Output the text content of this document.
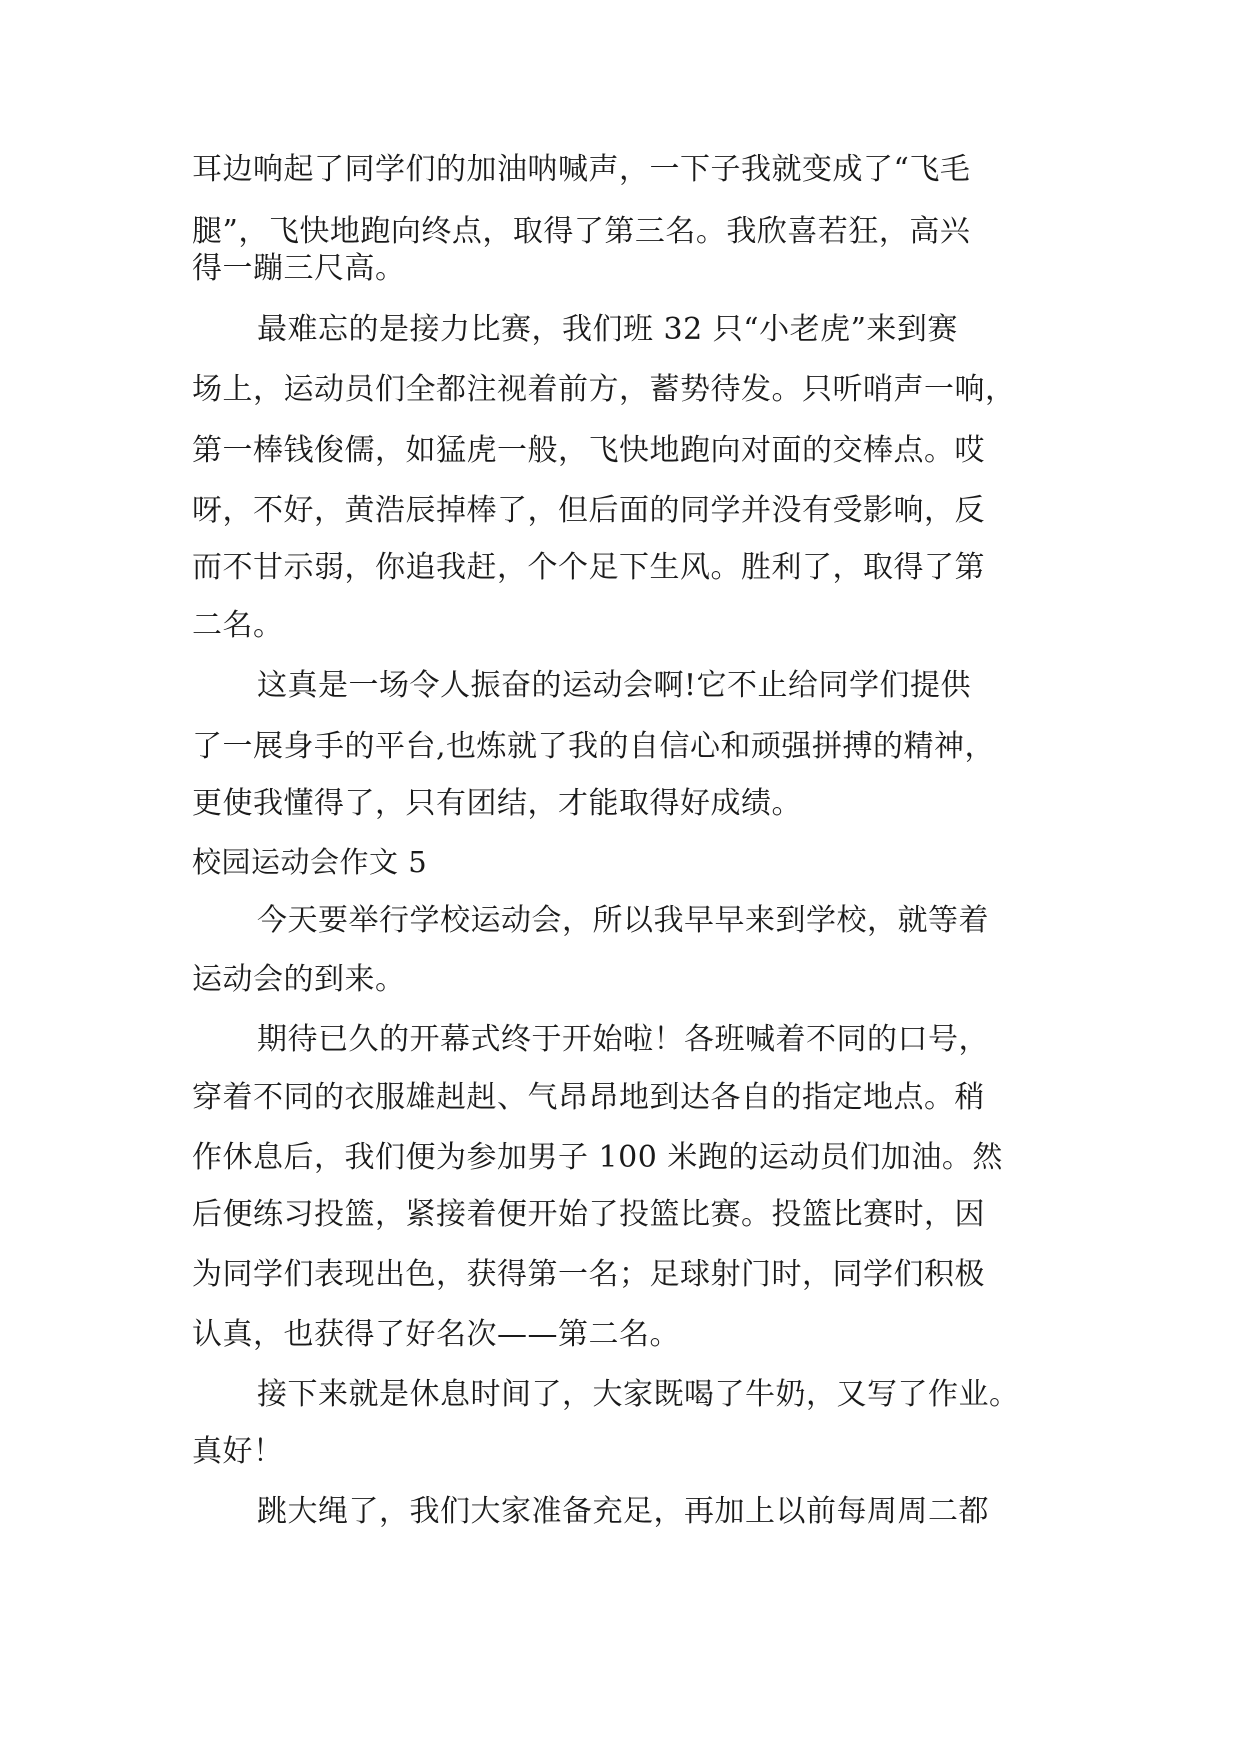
耳边响起了同学们的加油呐喊声，一下子我就变成了“飞毛
腿”，飞快地跑向终点，取得了第三名。我欣喜若狂，高兴
得一蹦三尺高。
最难忘的是接力比赛，我们班 32 只“小老虎”来到赛
场上，运动员们全都注视着前方，蓄势待发。只听哨声一响，
第一棒钱俊儒，如猛虎一般，飞快地跑向对面的交棒点。哎
呀，不好，黄浩辰掉棒了，但后面的同学并没有受影响，反
而不甘示弱，你追我赶，个个足下生风。胜利了，取得了第
二名。
这真是一场令人振奋的运动会啊!它不止给同学们提供
了一展身手的平台,也炼就了我的自信心和顽强拼搏的精神，
更使我懂得了，只有团结，才能取得好成绩。
校园运动会作文 5
今天要举行学校运动会，所以我早早来到学校，就等着
运动会的到来。
期待已久的开幕式终于开始啦！各班喊着不同的口号，
穿着不同的衣服雄赳赳、气昂昂地到达各自的指定地点。稍
作休息后，我们便为参加男子 100 米跑的运动员们加油。然
后便练习投篮，紧接着便开始了投篮比赛。投篮比赛时，因
为同学们表现出色，获得第一名；足球射门时，同学们积极
认真，也获得了好名次——第二名。
接下来就是休息时间了，大家既喝了牛奶，又写了作业。
真好！
跳大绳了，我们大家准备充足，再加上以前每周周二都
